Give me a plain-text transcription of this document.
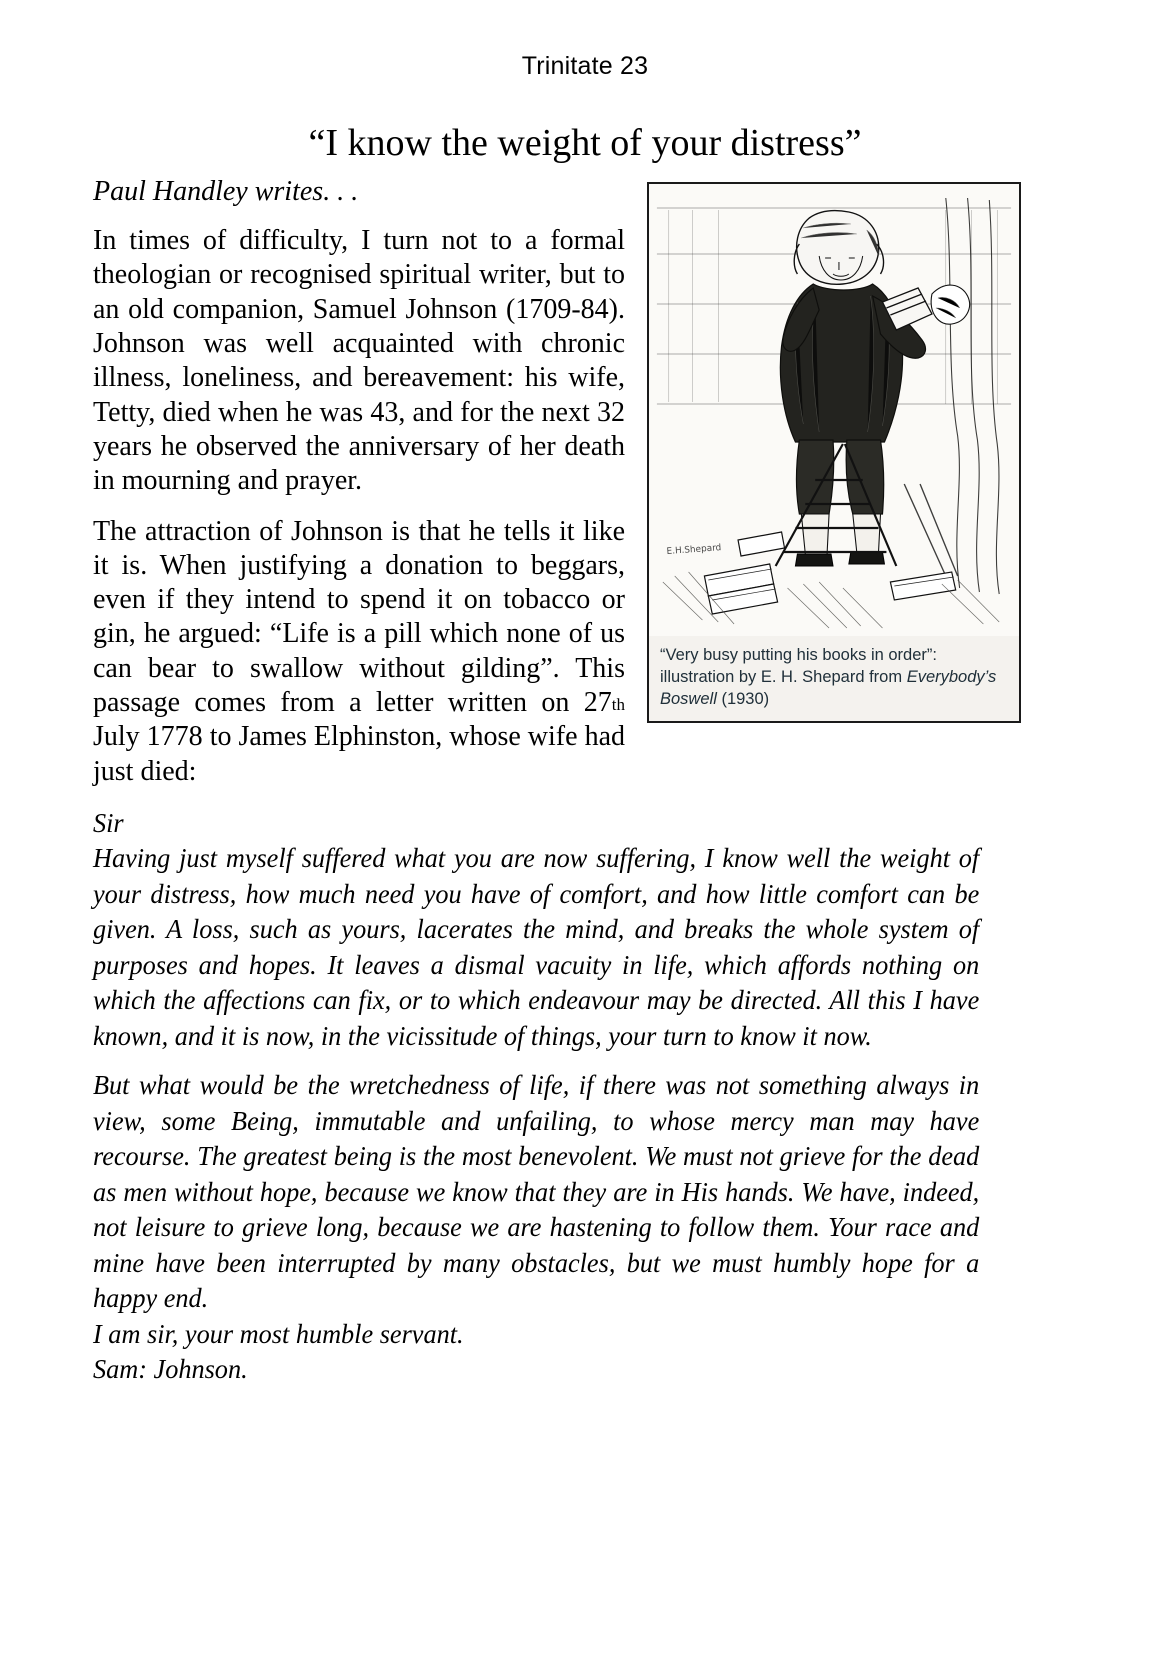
Trinitate 23
“I know the weight of your distress”
E.H.Shepard
“Very busy putting his books in order”: illustration by E. H. Shepard from Everybody’s Boswell (1930)

Paul Handley writes. . .

In times of difficulty, I turn not to a formal theologian or recognised spiritual writer, but to an old companion, Samuel Johnson (1709-84). Johnson was well acquainted with chronic illness, loneliness, and bereavement: his wife, Tetty, died when he was 43, and for the next 32 years he observed the anniversary of her death in mourning and prayer.

The attraction of Johnson is that he tells it like it is. When justifying a donation to beggars, even if they intend to spend it on tobacco or gin, he argued: “Life is a pill which none of us can bear to swallow without gilding”. This passage comes from a letter written on 27th July 1778 to James Elphinston, whose wife had just died:

Sir

Having just myself suffered what you are now suffering, I know well the weight of your distress, how much need you have of comfort, and how little comfort can be given. A loss, such as yours, lacerates the mind, and breaks the whole system of purposes and hopes. It leaves a dismal vacuity in life, which affords nothing on which the affections can fix, or to which endeavour may be directed. All this I have known, and it is now, in the vicissitude of things, your turn to know it now.

But what would be the wretchedness of life, if there was not something always in view, some Being, immutable and unfailing, to whose mercy man may have recourse. The greatest being is the most benevolent. We must not grieve for the dead as men without hope, because we know that they are in His hands. We have, indeed, not leisure to grieve long, because we are hastening to follow them. Your race and mine have been interrupted by many obstacles, but we must humbly hope for a happy end.

I am sir, your most humble servant.

Sam: Johnson.
